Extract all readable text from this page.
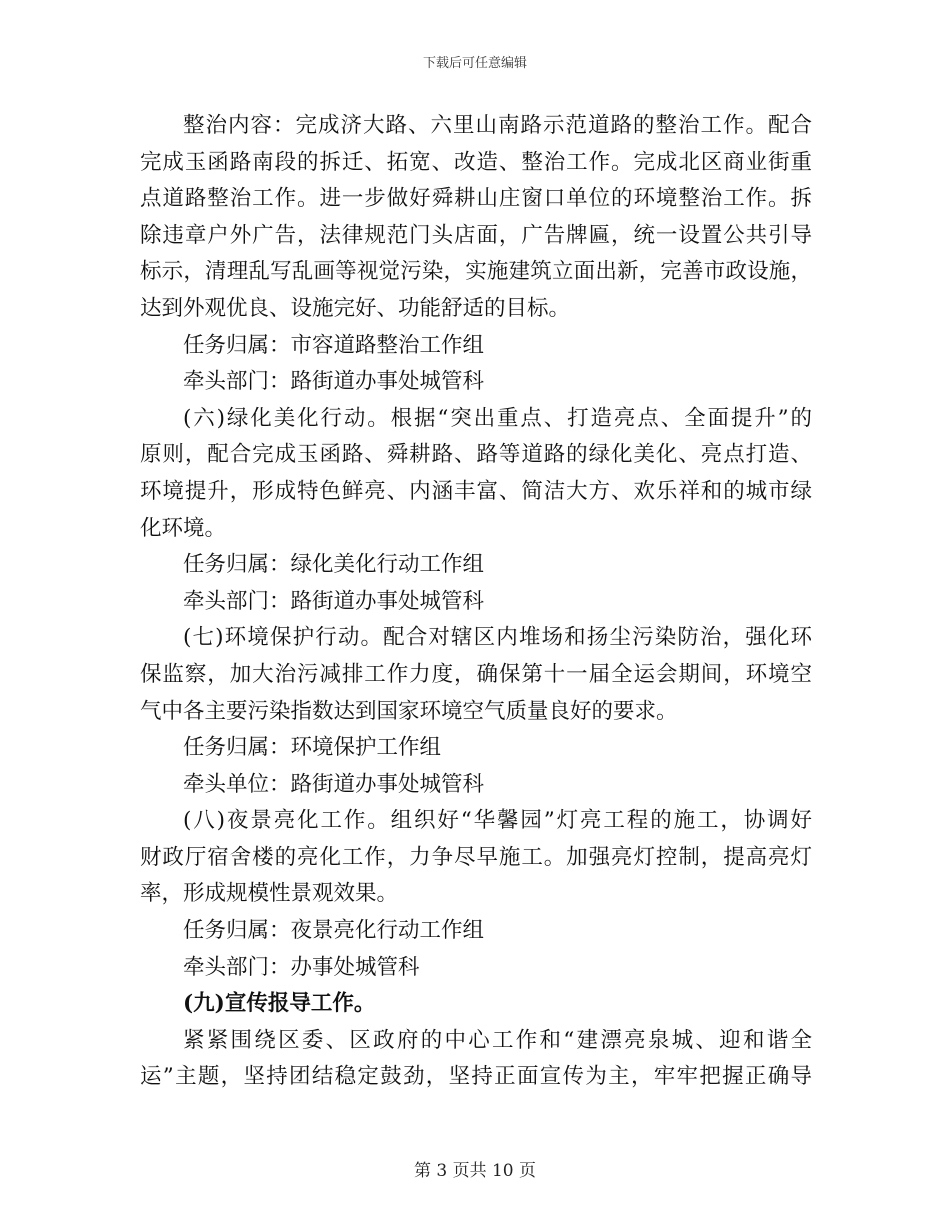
下载后可任意编辑

整治内容：完成济大路、六里山南路示范道路的整治工作。配合
完成玉函路南段的拆迁、拓宽、改造、整治工作。完成北区商业街重
点道路整治工作。进一步做好舜耕山庄窗口单位的环境整治工作。拆
除违章户外广告，法律规范门头店面，广告牌匾，统一设置公共引导
标示，清理乱写乱画等视觉污染，实施建筑立面出新，完善市政设施，
达到外观优良、设施完好、功能舒适的目标。

任务归属：市容道路整治工作组

牵头部门：路街道办事处城管科

(六)绿化美化行动。根据“突出重点、打造亮点、全面提升”的
原则，配合完成玉函路、舜耕路、路等道路的绿化美化、亮点打造、
环境提升，形成特色鲜亮、内涵丰富、简洁大方、欢乐祥和的城市绿
化环境。

任务归属：绿化美化行动工作组

牵头部门：路街道办事处城管科

(七)环境保护行动。配合对辖区内堆场和扬尘污染防治，强化环
保监察，加大治污减排工作力度，确保第十一届全运会期间，环境空
气中各主要污染指数达到国家环境空气质量良好的要求。

任务归属：环境保护工作组

牵头单位：路街道办事处城管科

(八)夜景亮化工作。组织好“华馨园”灯亮工程的施工，协调好
财政厅宿舍楼的亮化工作，力争尽早施工。加强亮灯控制，提高亮灯
率，形成规模性景观效果。

任务归属：夜景亮化行动工作组

牵头部门：办事处城管科

(九)宣传报导工作。

紧紧围绕区委、区政府的中心工作和“建漂亮泉城、迎和谐全
运”主题，坚持团结稳定鼓劲，坚持正面宣传为主，牢牢把握正确导

第 3 页共 10 页
